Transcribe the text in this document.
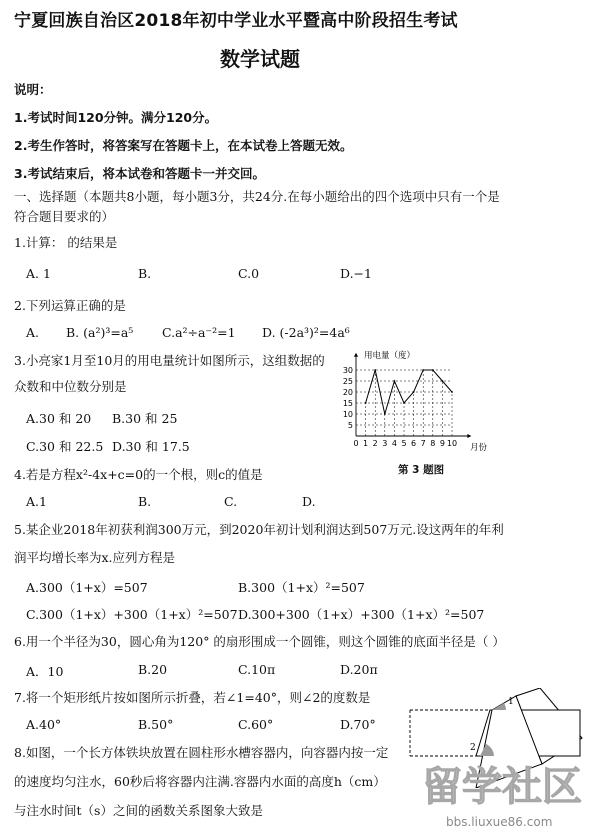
宁夏回族自治区2018年初中学业水平暨高中阶段招生考试
数学试题
说明：
1.考试时间120分钟。满分120分。
2.考生作答时，将答案写在答题卡上，在本试卷上答题无效。
3.考试结束后，将本试卷和答题卡一并交回。
一、选择题（本题共8小题，每小题3分，共24分.在每小题给出的四个选项中只有一个是
符合题目要求的）
1.计算： 的结果是
A. 1	B.	C.0	D.−1
2.下列运算正确的是
A. B. (a²)³=a⁵ C.a²÷a⁻²=1 D. (-2a³)²=4a⁶
3.小亮家1月至10月的用电量统计如图所示，这组数据的
众数和中位数分别是
A.30 和 20 B.30 和 25
C.30 和 22.5 D.30 和 17.5
用电量（度）
月份
5
10
15
20
25
30
0 1 2 3 4 5 6 7 8 9 10
第 3 题图
4.若是方程x²-4x+c=0的一个根，则c的值是
A.1	B.	C.	D.
5.某企业2018年初获利润300万元，到2020年初计划利润达到507万元.设这两年的年利
润平均增长率为x.应列方程是
A.300（1+x）=507	B.300（1+x）²=507
C.300（1+x）+300（1+x）²=507 D.300+300（1+x）+300（1+x）²=507
6.用一个半径为30，圆心角为120° 的扇形围成一个圆锥，则这个圆锥的底面半径是（ ）
A．10	B.20	C.10π	D.20π
7.将一个矩形纸片按如图所示折叠，若∠1=40°，则∠2的度数是
A.40°	B.50°	C.60°	D.70°
1
2
8.如图，一个长方体铁块放置在圆柱形水槽容器内，向容器内按一定
的速度均匀注水，60秒后将容器内注满.容器内水面的高度h（cm）
与注水时间t（s）之间的函数关系图象大致是
留学社区
bbs.liuxue86.com
